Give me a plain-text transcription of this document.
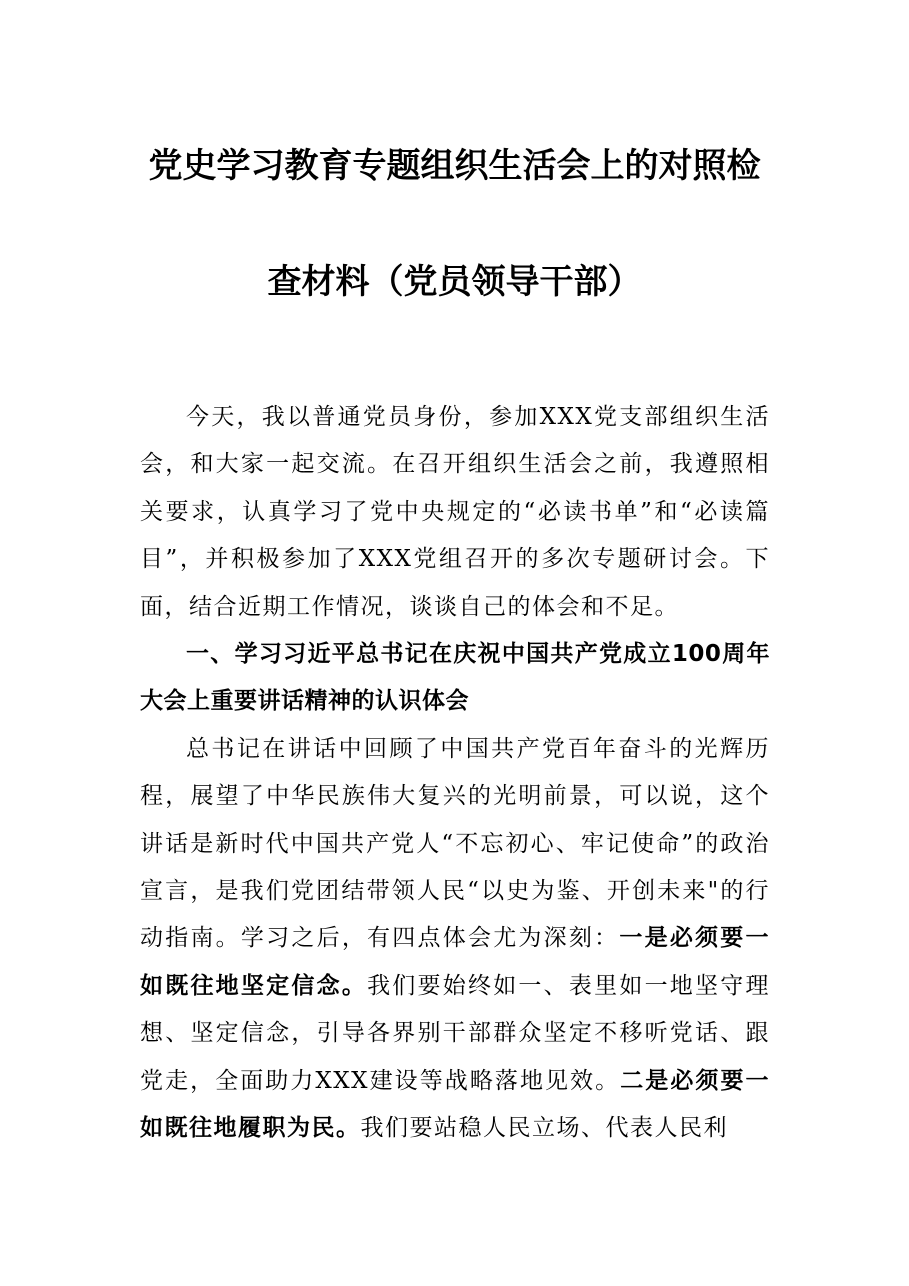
党史学习教育专题组织生活会上的对照检
查材料（党员领导干部）

今天，我以普通党员身份，参加XXX党支部组织生活会，和大家一起交流。在召开组织生活会之前，我遵照相关要求，认真学习了党中央规定的“必读书单”和“必读篇目”，并积极参加了XXX党组召开的多次专题研讨会。下面，结合近期工作情况，谈谈自己的体会和不足。

一、学习习近平总书记在庆祝中国共产党成立100周年大会上重要讲话精神的认识体会

总书记在讲话中回顾了中国共产党百年奋斗的光辉历程，展望了中华民族伟大复兴的光明前景，可以说，这个讲话是新时代中国共产党人“不忘初心、牢记使命”的政治宣言，是我们党团结带领人民“以史为鉴、开创未来"的行动指南。学习之后，有四点体会尤为深刻：一是必须要一如既往地坚定信念。我们要始终如一、表里如一地坚守理想、坚定信念，引导各界别干部群众坚定不移听党话、跟党走，全面助力XXX建设等战略落地见效。二是必须要一如既往地履职为民。我们要站稳人民立场、代表人民利
